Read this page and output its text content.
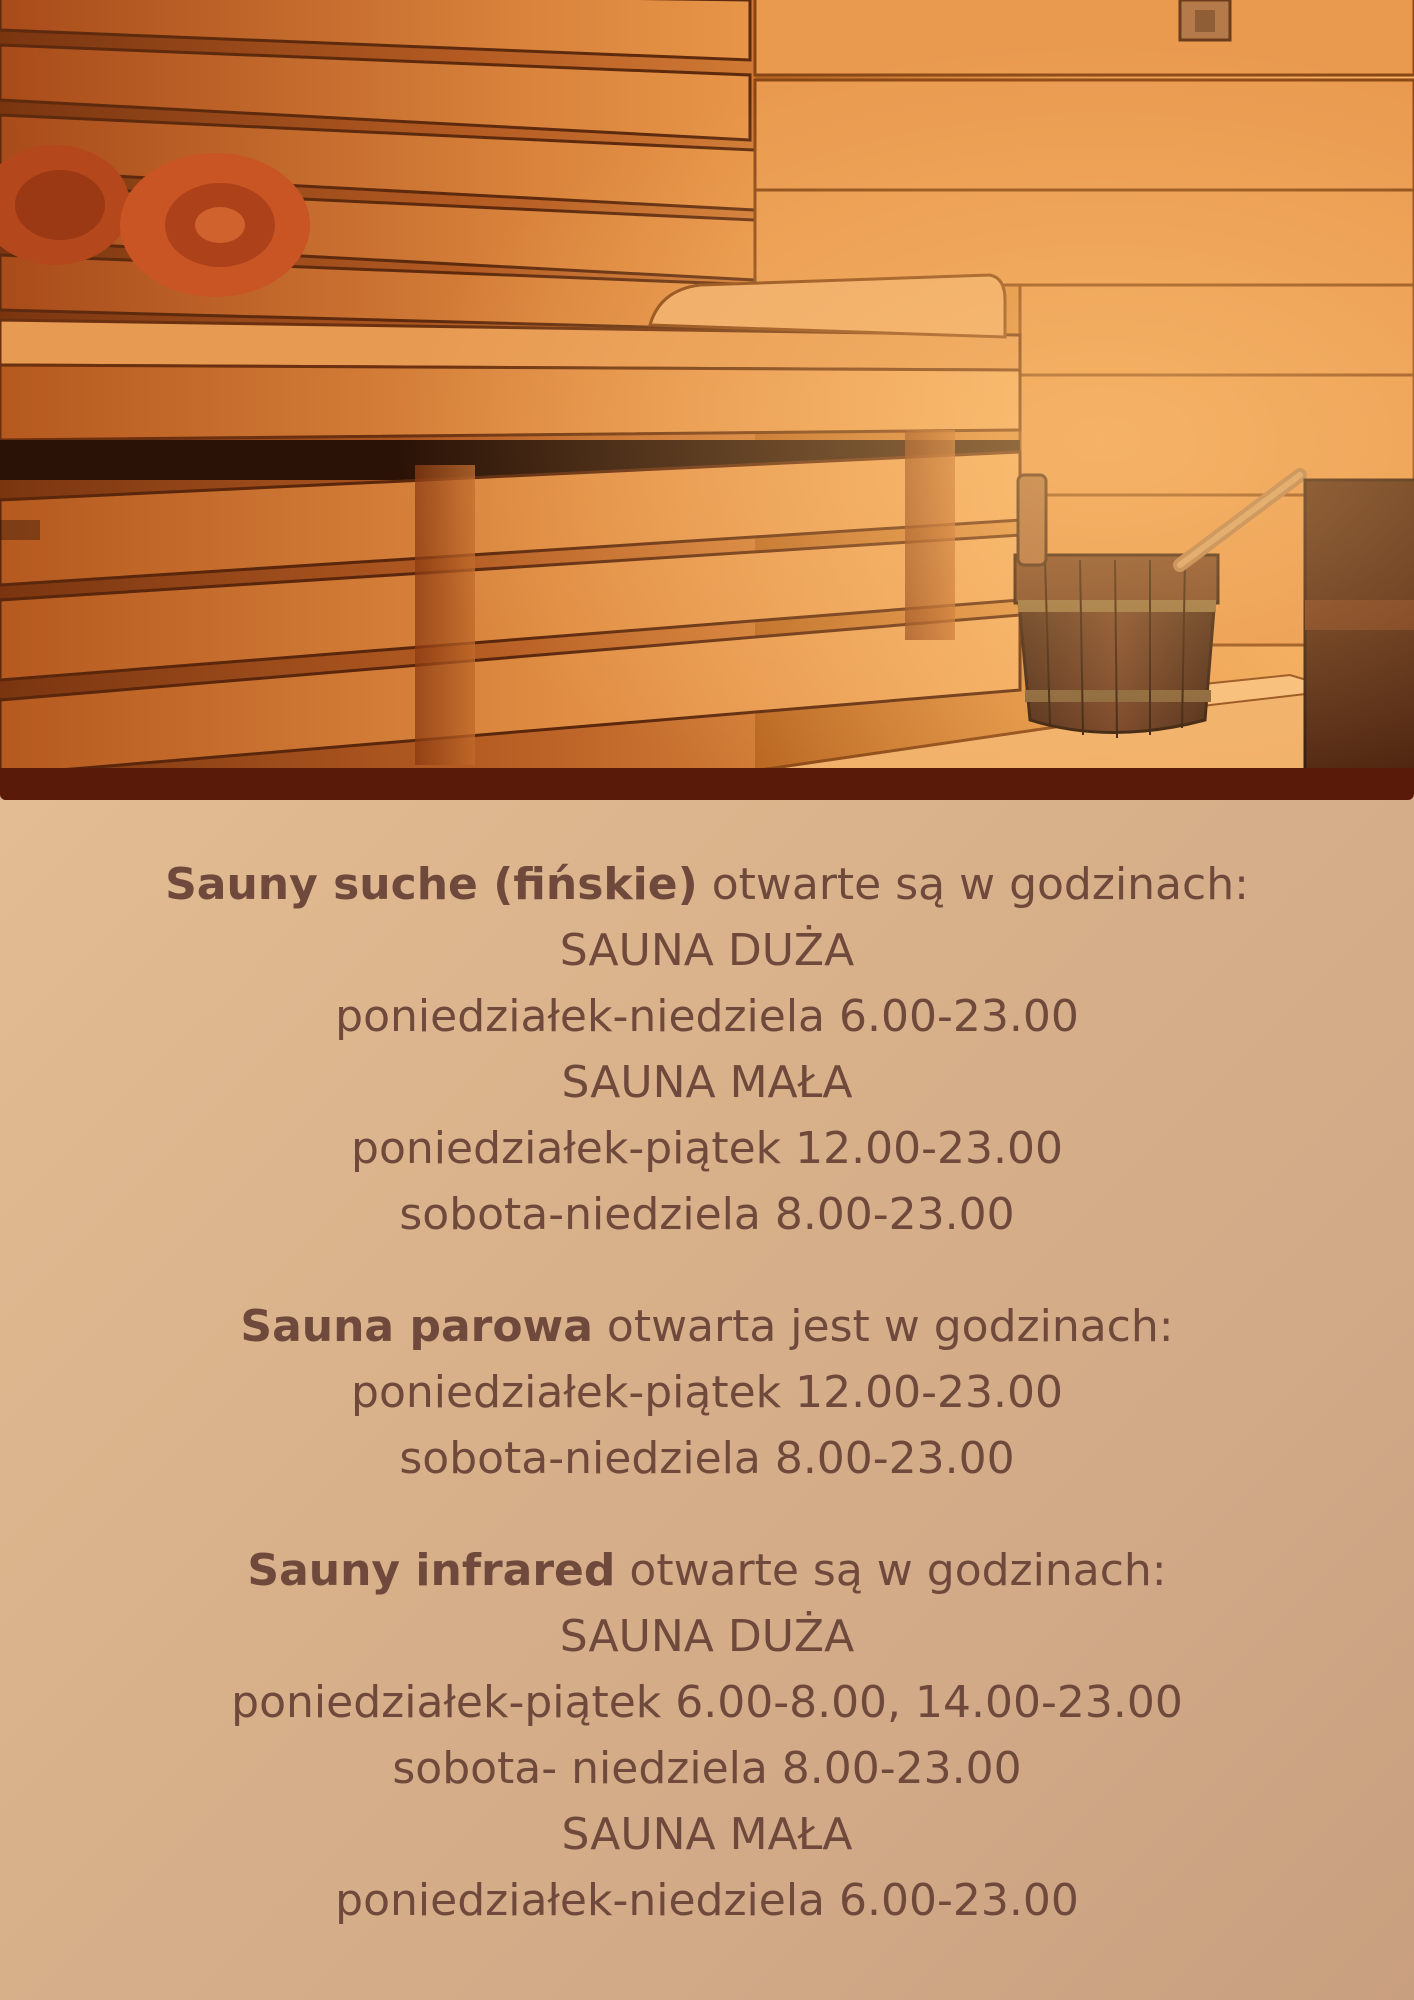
Sauny suche (fińskie) otwarte są w godzinach:

SAUNA DUŻA

poniedziałek-niedziela 6.00-23.00

SAUNA MAŁA

poniedziałek-piątek 12.00-23.00

sobota-niedziela 8.00-23.00

Sauna parowa otwarta jest w godzinach:

poniedziałek-piątek 12.00-23.00

sobota-niedziela 8.00-23.00

Sauny infrared otwarte są w godzinach:

SAUNA DUŻA

poniedziałek-piątek 6.00-8.00, 14.00-23.00

sobota- niedziela 8.00-23.00

SAUNA MAŁA

poniedziałek-niedziela 6.00-23.00
